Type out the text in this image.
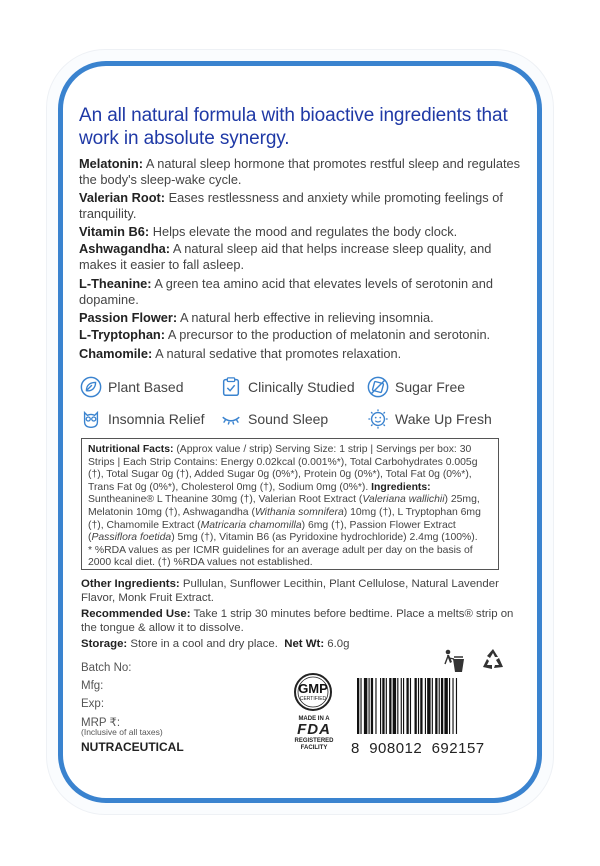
An all natural formula with bioactive ingredients that work in absolute synergy.

Melatonin: A natural sleep hormone that promotes restful sleep and regulates the body's sleep-wake cycle.

Valerian Root: Eases restlessness and anxiety while promoting feelings of tranquility.

Vitamin B6: Helps elevate the mood and regulates the body clock.

Ashwagandha: A natural sleep aid that helps increase sleep quality, and makes it easier to fall asleep.

L-Theanine: A green tea amino acid that elevates levels of serotonin and dopamine.

Passion Flower: A natural herb effective in relieving insomnia.

L-Tryptophan: A precursor to the production of melatonin and serotonin.

Chamomile: A natural sedative that promotes relaxation.

Plant Based	Clinically Studied	Sugar Free
Insomnia Relief	Sound Sleep	Wake Up Fresh
Nutritional Facts: (Approx value / strip) Serving Size: 1 strip | Servings per box: 30 Strips | Each Strip Contains: Energy 0.02kcal (0.001%*), Total Carbohydrates 0.005g (†), Total Sugar 0g (†), Added Sugar 0g (0%*), Protein 0g (0%*), Total Fat 0g (0%*), Trans Fat 0g (0%*), Cholesterol 0mg (†), Sodium 0mg (0%*). Ingredients: Suntheanine® L Theanine 30mg (†), Valerian Root Extract (Valeriana wallichii) 25mg, Melatonin 10mg (†), Ashwagandha (Withania somnifera) 10mg (†), L Tryptophan 6mg (†), Chamomile Extract (Matricaria chamomilla) 6mg (†), Passion Flower Extract (Passiflora foetida) 5mg (†), Vitamin B6 (as Pyridoxine hydrochloride) 2.4mg (100%).
* %RDA values as per ICMR guidelines for an average adult per day on the basis of 2000 kcal diet. (†) %RDA values not established.

Other Ingredients: Pullulan, Sunflower Lecithin, Plant Cellulose, Natural Lavender Flavor, Monk Fruit Extract.

Recommended Use: Take 1 strip 30 minutes before bedtime. Place a melts® strip on the tongue & allow it to dissolve.

Storage: Store in a cool and dry place. Net Wt: 6.0g

Batch No:
Mfg:
Exp:
MRP ₹:
(Inclusive of all taxes)
NUTRACEUTICAL
GMP
CERTIFIED
MADE IN A
FDA
REGISTERED
FACILITY	8 908012 692157
